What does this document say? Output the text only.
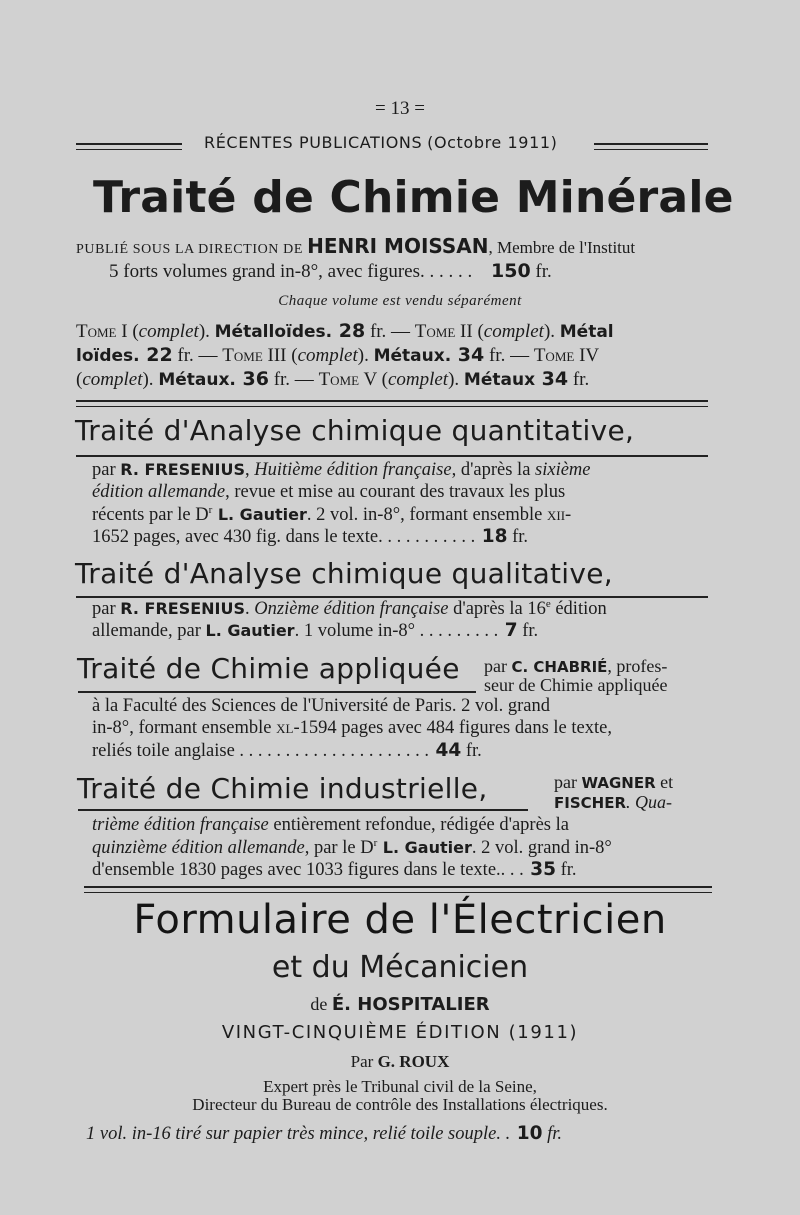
= 13 =
RÉCENTES PUBLICATIONS (Octobre 1911)
Traité de Chimie Minérale
PUBLIÉ SOUS LA DIRECTION DE HENRI MOISSAN, Membre de l'Institut
5 forts volumes grand in-8°, avec figures. . . . . . 150 fr.
Chaque volume est vendu séparément
Tome I (complet). Métalloïdes. 28 fr. — Tome II (complet). Métal
loïdes. 22 fr. — Tome III (complet). Métaux. 34 fr. — Tome IV
(complet). Métaux. 36 fr. — Tome V (complet). Métaux 34 fr.
Traité d'Analyse chimique quantitative,
par R. FRESENIUS, Huitième édition française, d'après la sixième
édition allemande, revue et mise au courant des travaux les plus
récents par le $D^r$ L. Gautier. 2 vol. in-8°, formant ensemble xii-
1652 pages, avec 430 fig. dans le texte. . . . . . . . . . . 18 fr.
Traité d'Analyse chimique qualitative,
par R. FRESENIUS. Onzième édition française d'après la 16e édition
allemande, par L. Gautier. 1 volume in-8° . . . . . . . . . 7 fr.
Traité de Chimie appliquée par C. CHABRIÉ, profes-
seur de Chimie appliquée
à la Faculté des Sciences de l'Université de Paris. 2 vol. grand
in-8°, formant ensemble xl-1594 pages avec 484 figures dans le texte,
reliés toile anglaise . . . . . . . . . . . . . . . . . . . . . 44 fr.
Traité de Chimie industrielle,	par WAGNER et
FISCHER. Qua-
trième édition française entièrement refondue, rédigée d'après la
quinzième édition allemande, par le $D^r$ L. Gautier. 2 vol. grand in-8°
d'ensemble 1830 pages avec 1033 figures dans le texte.. . . 35 fr.
Formulaire de l'Électricien
et du Mécanicien
de É. HOSPITALIER
VINGT-CINQUIÈME ÉDITION (1911)
Par G. ROUX
Expert près le Tribunal civil de la Seine,
Directeur du Bureau de contrôle des Installations électriques.
1 vol. in-16 tiré sur papier très mince, relié toile souple. . 10 fr.
